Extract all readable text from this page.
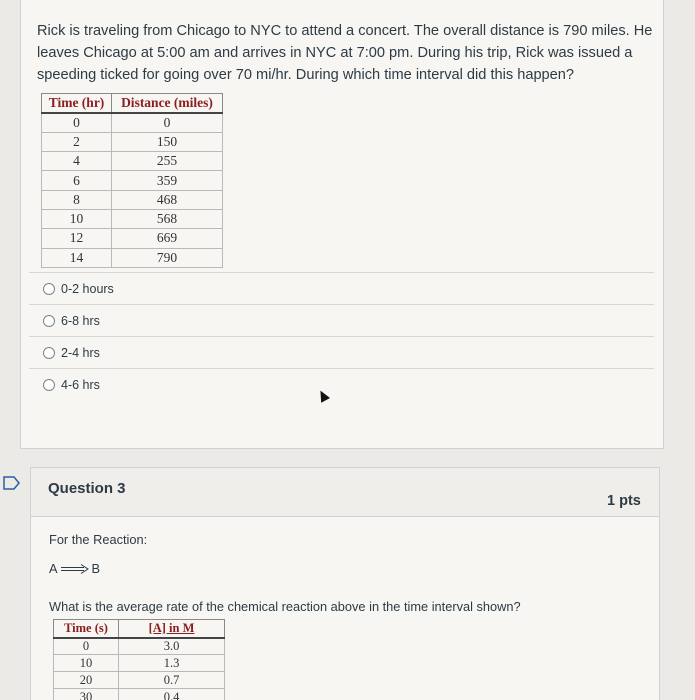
Rick is traveling from Chicago to NYC to attend a concert. The overall distance is 790 miles. He leaves Chicago at 5:00 am and arrives in NYC at 7:00 pm. During his trip, Rick was issued a speeding ticked for going over 70 mi/hr. During which time interval did this happen?

Time (hr)	Distance (miles)
0	0
2	150
4	255
6	359
8	468
10	568
12	669
14	790
0-2 hours
6-8 hrs
2-4 hrs
4-6 hrs
Question 3
1 pts

For the Reaction:

A	B

What is the average rate of the chemical reaction above in the time interval shown?

Time (s)	[A] in M
0	3.0
10	1.3
20	0.7
30	0.4
